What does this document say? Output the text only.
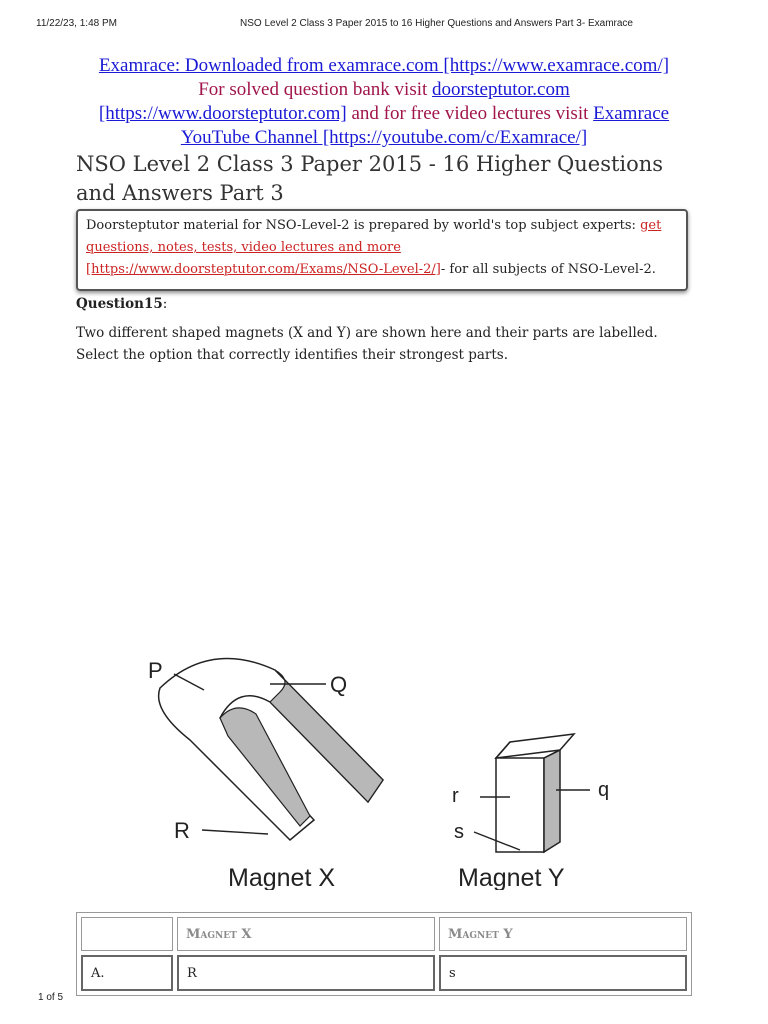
11/22/23, 1:48 PM	NSO Level 2 Class 3 Paper 2015 to 16 Higher Questions and Answers Part 3- Examrace
Examrace: Downloaded from examrace.com [https://www.examrace.com/]
For solved question bank visit doorsteptutor.com
[https://www.doorsteptutor.com] and for free video lectures visit Examrace
YouTube Channel [https://youtube.com/c/Examrace/]
NSO Level 2 Class 3 Paper 2015 - 16 Higher Questions and Answers Part 3
Doorsteptutor material for NSO-Level-2 is prepared by world's top subject experts: get questions, notes, tests, video lectures and more [https://www.doorsteptutor.com/Exams/NSO-Level-2/]- for all subjects of NSO-Level-2.
Question15:

Two different shaped magnets (X and Y) are shown here and their parts are labelled. Select the option that correctly identifies their strongest parts.

P
Q
R
Magnet X
r	q
s
Magnet Y
	Magnet X	Magnet Y
A.	R	s
1 of 5
